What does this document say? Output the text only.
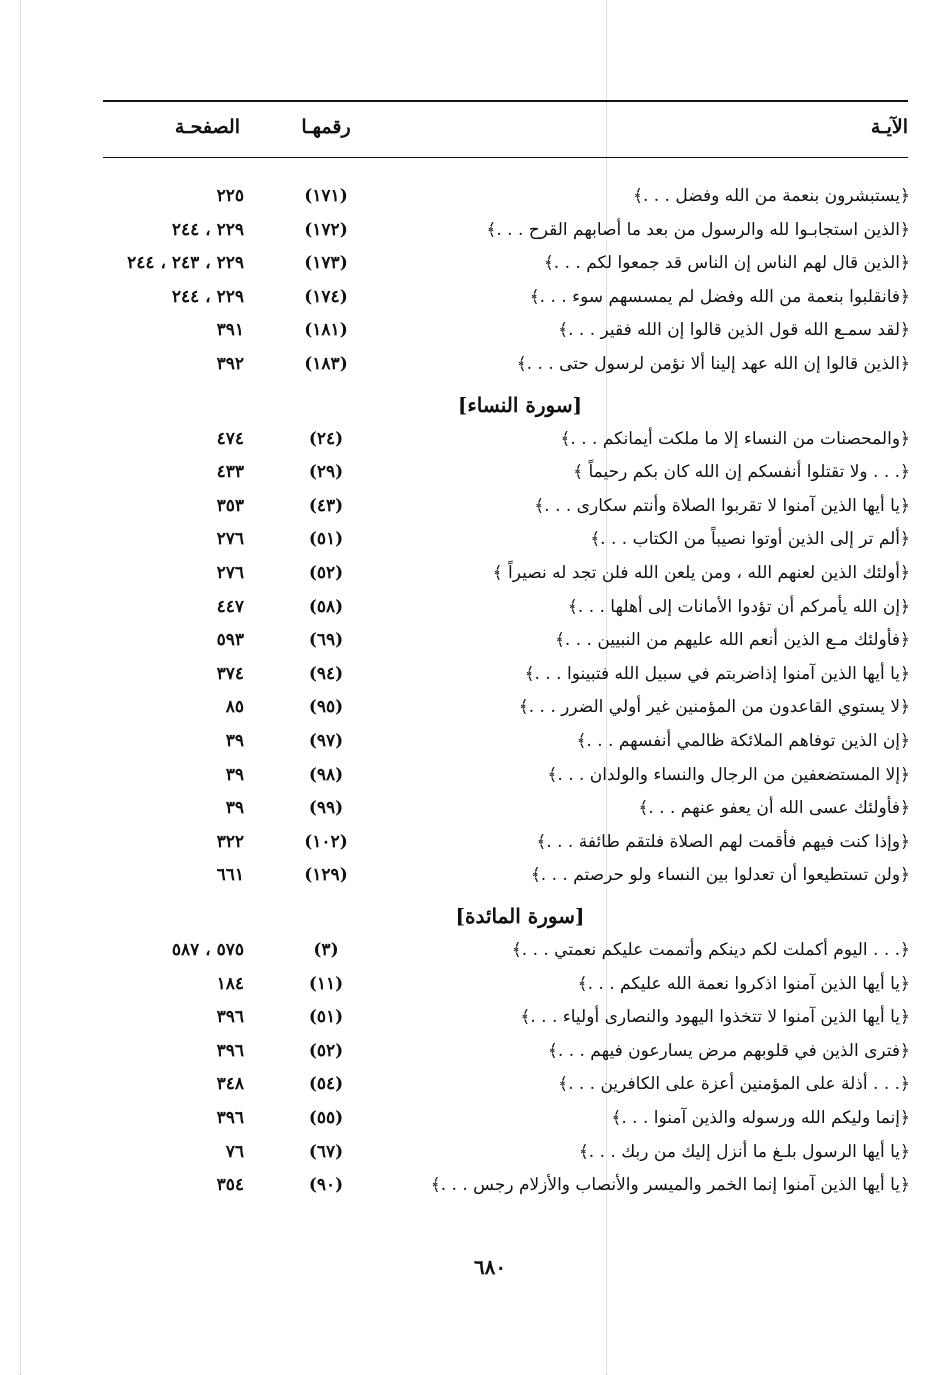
الآيـة
رقمهـا
الصفحـة
﴿يستبشرون بنعمة من الله وفضل . . .﴾
(١٧١)
٢٢٥
﴿الذين استجابـوا لله والرسول من بعد ما أصابهم القرح . . .﴾
(١٧٢)
٢٢٩ ، ٢٤٤
﴿الذين قال لهم الناس إن الناس قد جمعوا لكم . . .﴾
(١٧٣)
٢٢٩ ، ٢٤٣ ، ٢٤٤
﴿فانقلبوا بنعمة من الله وفضل لم يمسسهم سوء . . .﴾
(١٧٤)
٢٢٩ ، ٢٤٤
﴿لقد سمـع الله قول الذين قالوا إن الله فقير . . .﴾
(١٨١)
٣٩١
﴿الذين قالوا إن الله عهد إلينا ألا نؤمن لرسول حتى . . .﴾
(١٨٣)
٣٩٢
[سورة النساء]
﴿والمحصنات من النساء إلا ما ملكت أيمانكم . . .﴾
(٢٤)
٤٧٤
﴿. . . ولا تقتلوا أنفسكم إن الله كان بكم رحيماً ﴾
(٢٩)
٤٣٣
﴿يا أيها الذين آمنوا لا تقربوا الصلاة وأنتم سكارى . . .﴾
(٤٣)
٣٥٣
﴿ألم تر إلى الذين أوتوا نصيباً من الكتاب . . .﴾
(٥١)
٢٧٦
﴿أولئك الذين لعنهم الله ، ومن يلعن الله فلن تجد له نصيراً ﴾
(٥٢)
٢٧٦
﴿إن الله يأمركم أن تؤدوا الأمانات إلى أهلها . . .﴾
(٥٨)
٤٤٧
﴿فأولئك مـع الذين أنعم الله عليهم من النبيين . . .﴾
(٦٩)
٥٩٣
﴿يا أيها الذين آمنوا إذاضربتم في سبيل الله فتبينوا . . .﴾
(٩٤)
٣٧٤
﴿لا يستوي القاعدون من المؤمنين غير أولي الضرر . . .﴾
(٩٥)
٨٥
﴿إن الذين توفاهم الملائكة ظالمي أنفسهم . . .﴾
(٩٧)
٣٩
﴿إلا المستضعفين من الرجال والنساء والولدان . . .﴾
(٩٨)
٣٩
﴿فأولئك عسى الله أن يعفو عنهم . . .﴾
(٩٩)
٣٩
﴿وإذا كنت فيهم فأقمت لهم الصلاة فلتقم طائفة . . .﴾
(١٠٢)
٣٢٢
﴿ولن تستطيعوا أن تعدلوا بين النساء ولو حرصتم . . .﴾
(١٢٩)
٦٦١
[سورة المائدة]
﴿. . . اليوم أكملت لكم دينكم وأتممت عليكم نعمتي . . .﴾
(٣)
٥٧٥ ، ٥٨٧
﴿يا أيها الذين آمنوا اذكروا نعمة الله عليكم . . .﴾
(١١)
١٨٤
﴿يا أيها الذين آمنوا لا تتخذوا اليهود والنصارى أولياء . . .﴾
(٥١)
٣٩٦
﴿فترى الذين في قلوبهم مرض يسارعون فيهم . . .﴾
(٥٢)
٣٩٦
﴿. . . أذلة على المؤمنين أعزة على الكافرين . . .﴾
(٥٤)
٣٤٨
﴿إنما وليكم الله ورسوله والذين آمنوا . . .﴾
(٥٥)
٣٩٦
﴿يا أيها الرسول بلـغ ما أنزل إليك من ربك . . .﴾
(٦٧)
٧٦
﴿يا أيها الذين آمنوا إنما الخمر والميسر والأنصاب والأزلام رجس . . .﴾
(٩٠)
٣٥٤
٦٨٠
